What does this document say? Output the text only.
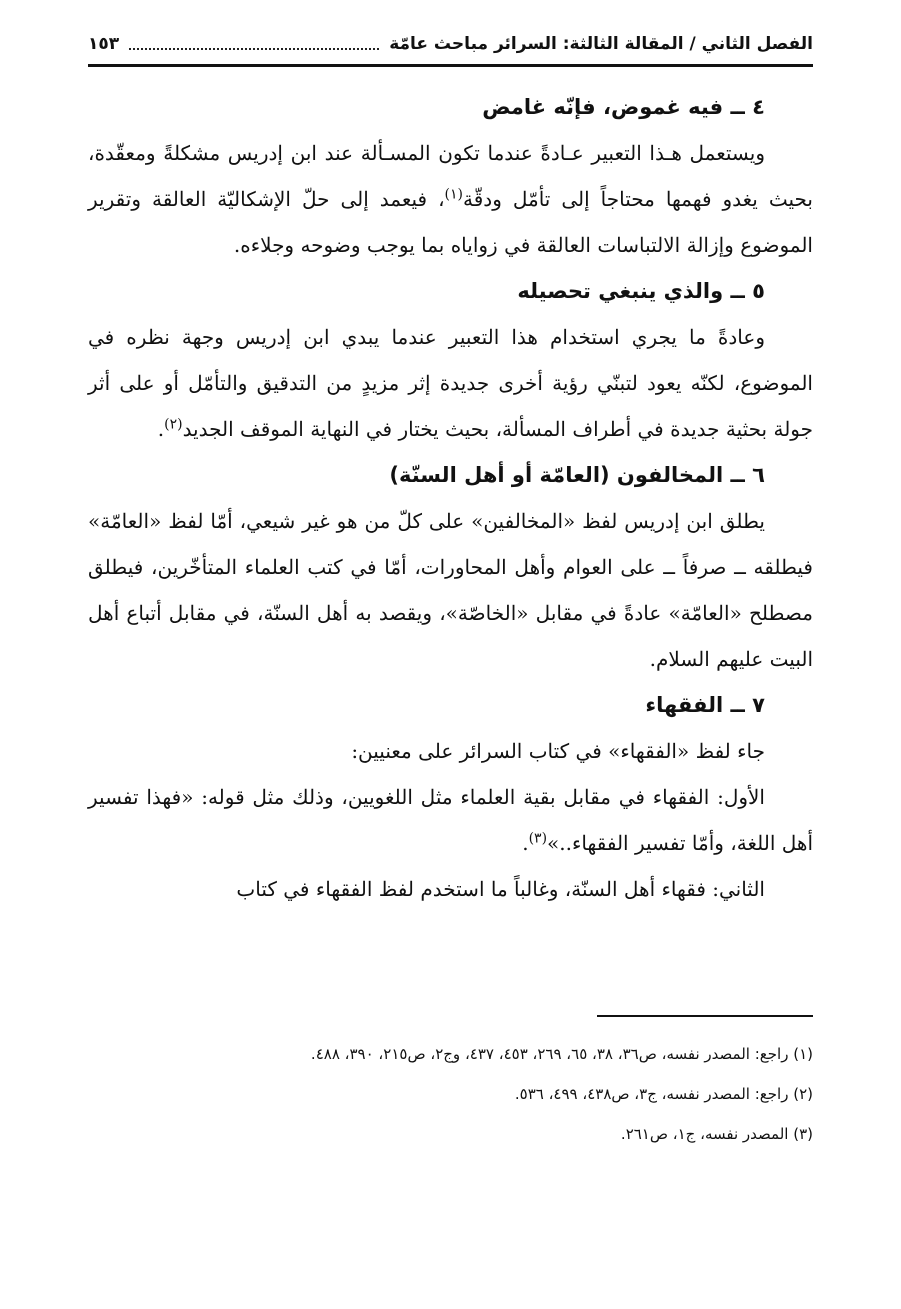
الفصل الثاني / المقالة الثالثة: السرائر مباحث عامّة
١٥٣
٤ ــ فيه غموض، فإنّه غامض

ويستعمل هـذا التعبير عـادةً عندما تكون المسـألة عند ابن إدريس مشكلةً ومعقّدة، بحيث يغدو فهمها محتاجاً إلى تأمّل ودقّة$^{(١)}$، فيعمد إلى حلّ الإشكاليّة العالقة وتقرير الموضوع وإزالة الالتباسات العالقة في زواياه بما يوجب وضوحه وجلاءه.

٥ ــ والذي ينبغي تحصيله

وعادةً ما يجري استخدام هذا التعبير عندما يبدي ابن إدريس وجهة نظره في الموضوع، لكنّه يعود لتبنّي رؤية أخرى جديدة إثر مزيدٍ من التدقيق والتأمّل أو على أثر جولة بحثية جديدة في أطراف المسألة، بحيث يختار في النهاية الموقف الجديد$^{(٢)}$.

٦ ــ المخالفون (العامّة أو أهل السنّة)

يطلق ابن إدريس لفظ «المخالفين» على كلّ من هو غير شيعي، أمّا لفظ «العامّة» فيطلقه ــ صرفاً ــ على العوام وأهل المحاورات، أمّا في كتب العلماء المتأخّرين، فيطلق مصطلح «العامّة» عادةً في مقابل «الخاصّة»، ويقصد به أهل السنّة، في مقابل أتباع أهل البيت عليهم السلام.

٧ ــ الفقهاء

جاء لفظ «الفقهاء» في كتاب السرائر على معنيين:

الأول: الفقهاء في مقابل بقية العلماء مثل اللغويين، وذلك مثل قوله: «فهذا تفسير أهل اللغة، وأمّا تفسير الفقهاء..»$^{(٣)}$.

الثاني: فقهاء أهل السنّة، وغالباً ما استخدم لفظ الفقهاء في كتاب

(١) راجع: المصدر نفسه، ص٣٦، ٣٨، ٦٥، ٢٦٩، ٤٥٣، ٤٣٧، وج٢، ص٢١٥، ٣٩٠، ٤٨٨.
(٢) راجع: المصدر نفسه، ج٣، ص٤٣٨، ٤٩٩، ٥٣٦.
(٣) المصدر نفسه، ج١، ص٢٦١.
